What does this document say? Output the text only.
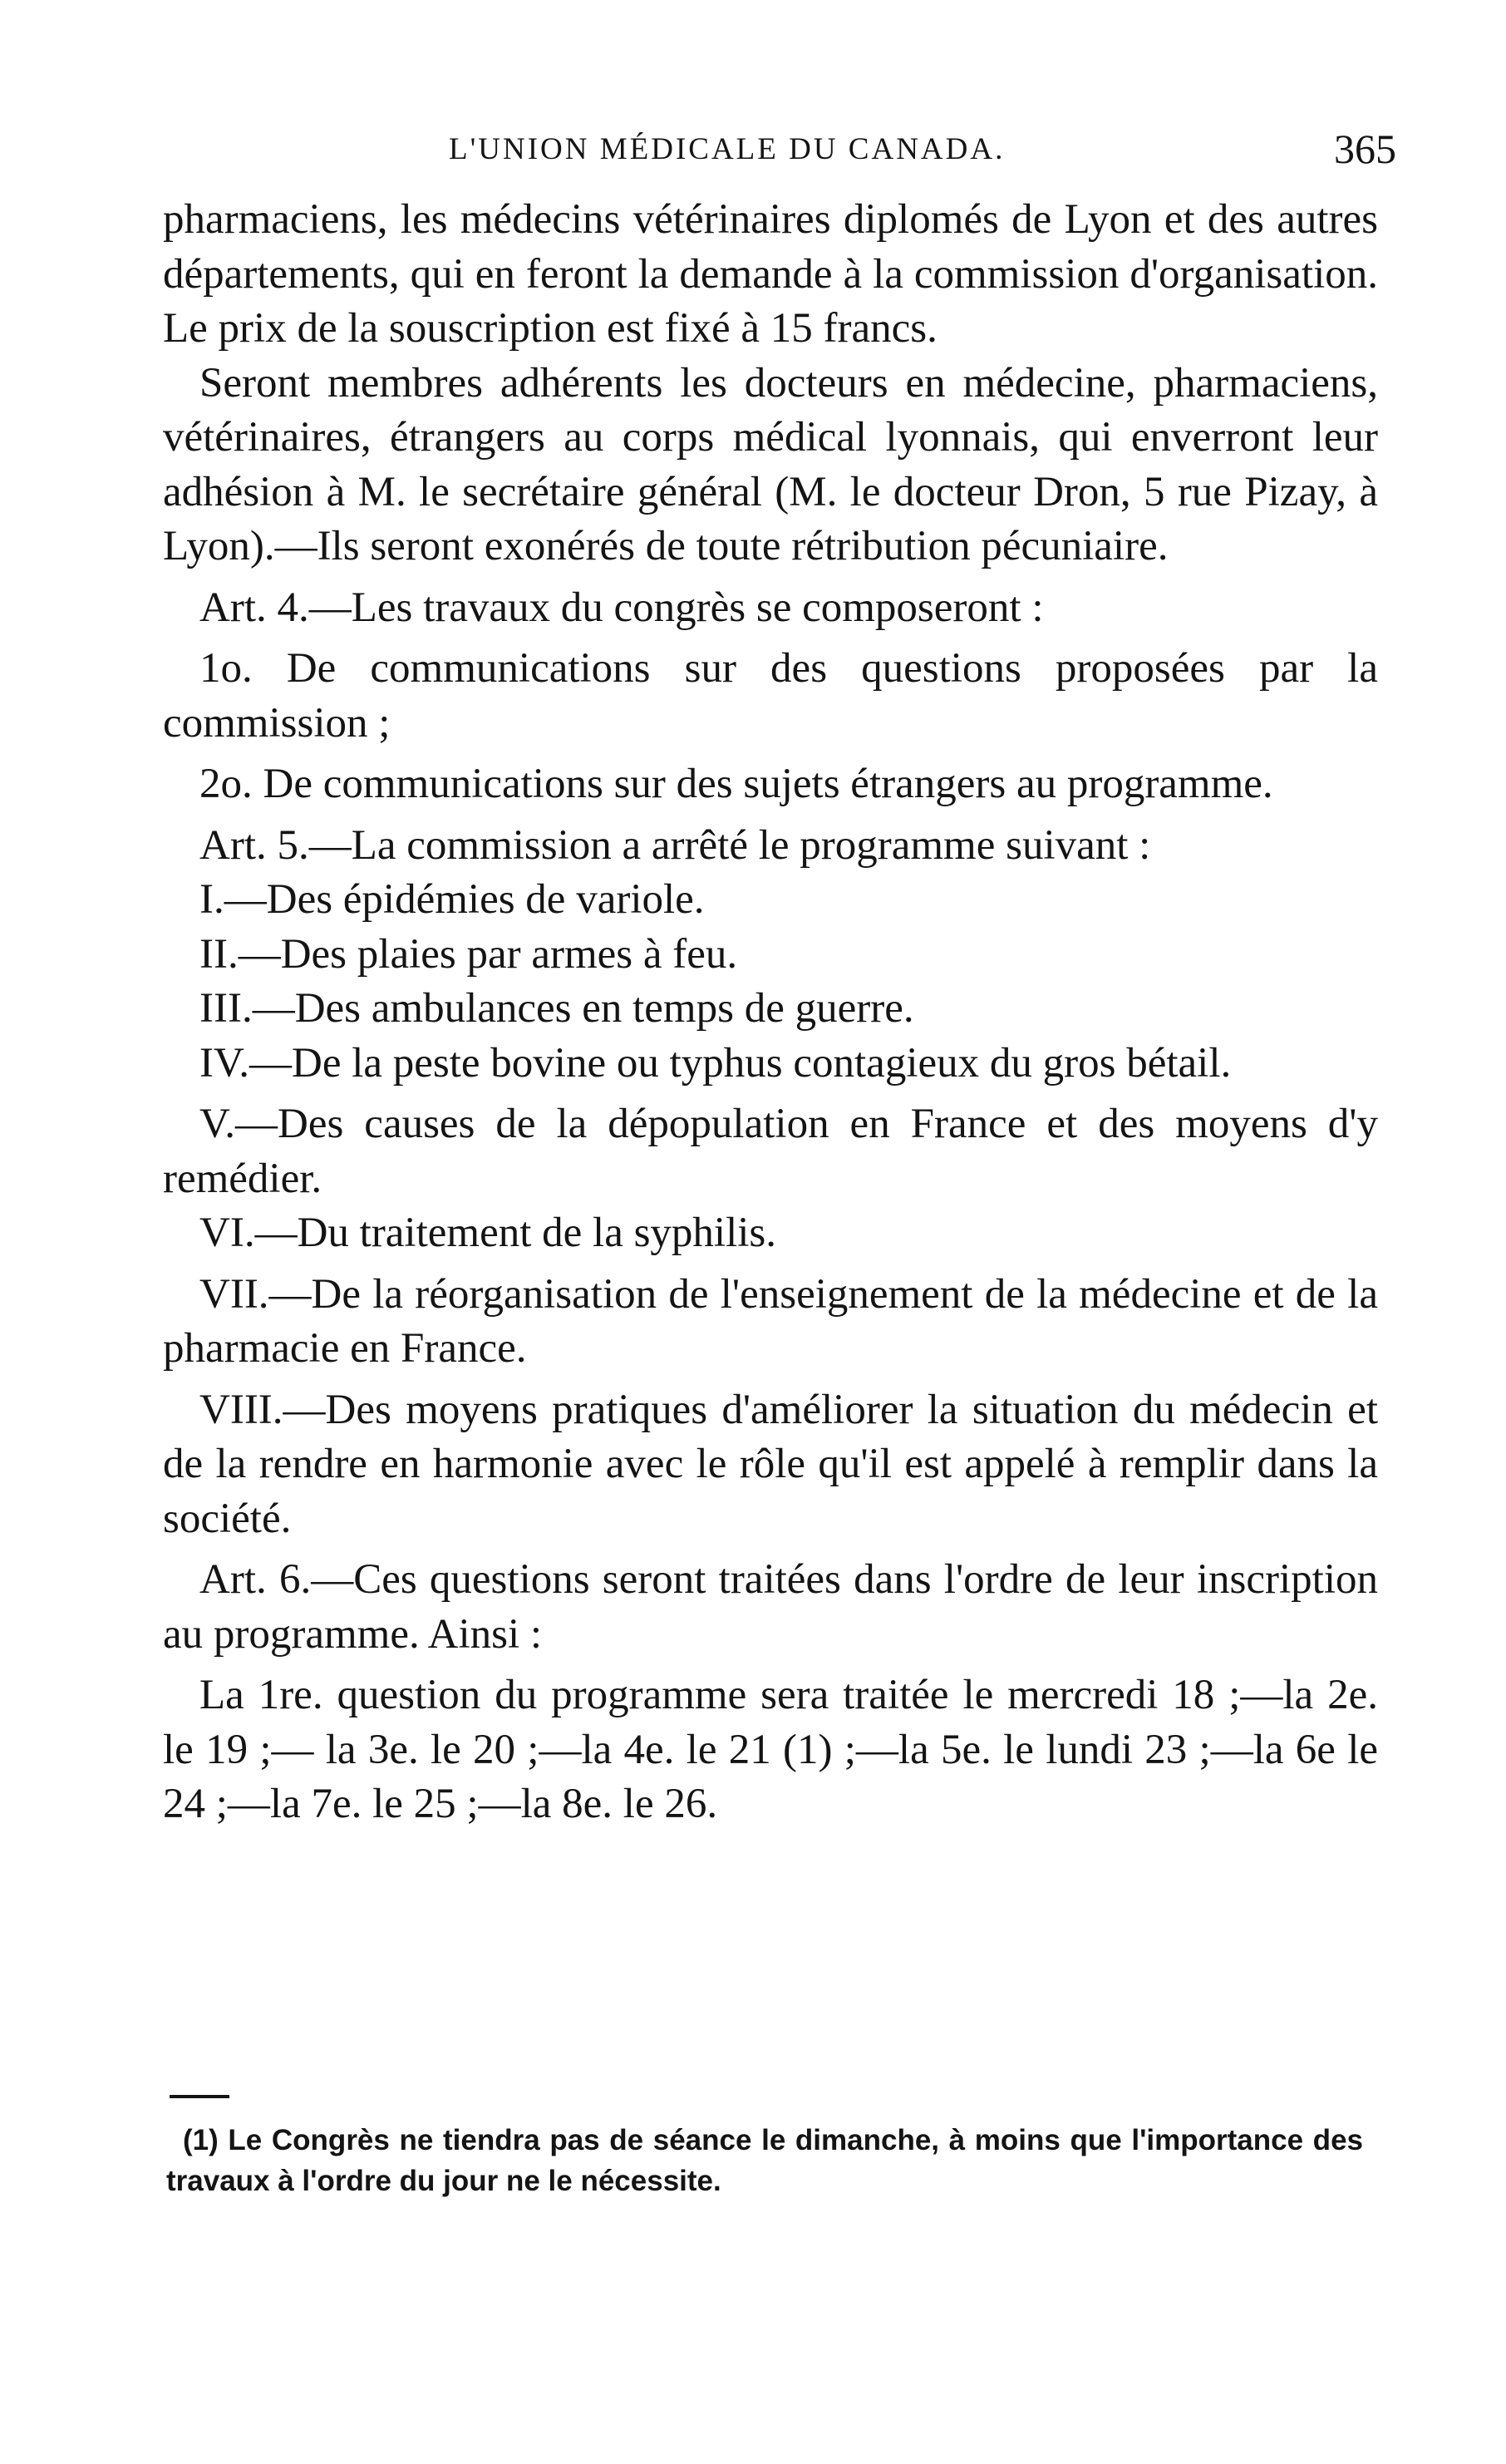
L'UNION MÉDICALE DU CANADA.	365

pharmaciens, les médecins vétérinaires diplomés de Lyon et des autres départements, qui en feront la demande à la commission d'organisation. Le prix de la souscription est fixé à 15 francs.

Seront membres adhérents les docteurs en médecine, pharmaciens, vétérinaires, étrangers au corps médical lyonnais, qui enverront leur adhésion à M. le secrétaire général (M. le docteur Dron, 5 rue Pizay, à Lyon).—Ils seront exonérés de toute rétribution pécuniaire.

Art. 4.—Les travaux du congrès se composeront :

1o. De communications sur des questions proposées par la commission ;

2o. De communications sur des sujets étrangers au programme.

Art. 5.—La commission a arrêté le programme suivant :

I.—Des épidémies de variole.

II.—Des plaies par armes à feu.

III.—Des ambulances en temps de guerre.

IV.—De la peste bovine ou typhus contagieux du gros bétail.

V.—Des causes de la dépopulation en France et des moyens d'y remédier.

VI.—Du traitement de la syphilis.

VII.—De la réorganisation de l'enseignement de la médecine et de la pharmacie en France.

VIII.—Des moyens pratiques d'améliorer la situation du médecin et de la rendre en harmonie avec le rôle qu'il est appelé à remplir dans la société.

Art. 6.—Ces questions seront traitées dans l'ordre de leur inscription au programme. Ainsi :

La 1re. question du programme sera traitée le mercredi 18 ;—la 2e. le 19 ;— la 3e. le 20 ;—la 4e. le 21 (1) ;—la 5e. le lundi 23 ;—la 6e le 24 ;—la 7e. le 25 ;—la 8e. le 26.

(1) Le Congrès ne tiendra pas de séance le dimanche, à moins que l'importance des travaux à l'ordre du jour ne le nécessite.
